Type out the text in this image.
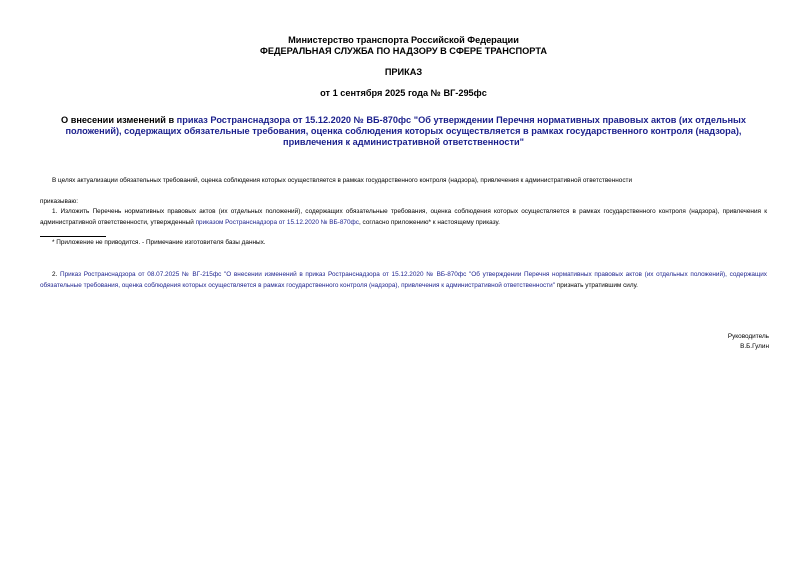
Министерство транспорта Российской Федерации
ФЕДЕРАЛЬНАЯ СЛУЖБА ПО НАДЗОРУ В СФЕРЕ ТРАНСПОРТА
ПРИКАЗ
от 1 сентября 2025 года № ВГ-295фс
О внесении изменений в приказ Ространснадзора от 15.12.2020 № ВБ-870фс "Об утверждении Перечня нормативных правовых актов (их отдельных положений), содержащих обязательные требования, оценка соблюдения которых осуществляется в рамках государственного контроля (надзора), привлечения к административной ответственности"
В целях актуализации обязательных требований, оценка соблюдения которых осуществляется в рамках государственного контроля (надзора), привлечения к административной ответственности
приказываю:
1. Изложить Перечень нормативных правовых актов (их отдельных положений), содержащих обязательные требования, оценка соблюдения которых осуществляется в рамках государственного контроля (надзора), привлечения к административной ответственности, утвержденный приказом Ространснадзора от 15.12.2020 № ВБ-870фс, согласно приложению* к настоящему приказу.
* Приложение не приводится. - Примечание изготовителя базы данных.
2. Приказ Ространснадзора от 08.07.2025 № ВГ-215фс "О внесении изменений в приказ Ространснадзора от 15.12.2020 № ВБ-870фс "Об утверждении Перечня нормативных правовых актов (их отдельных положений), содержащих обязательные требования, оценка соблюдения которых осуществляется в рамках государственного контроля (надзора), привлечения к административной ответственности" признать утратившим силу.
Руководитель
В.Б.Гулин
